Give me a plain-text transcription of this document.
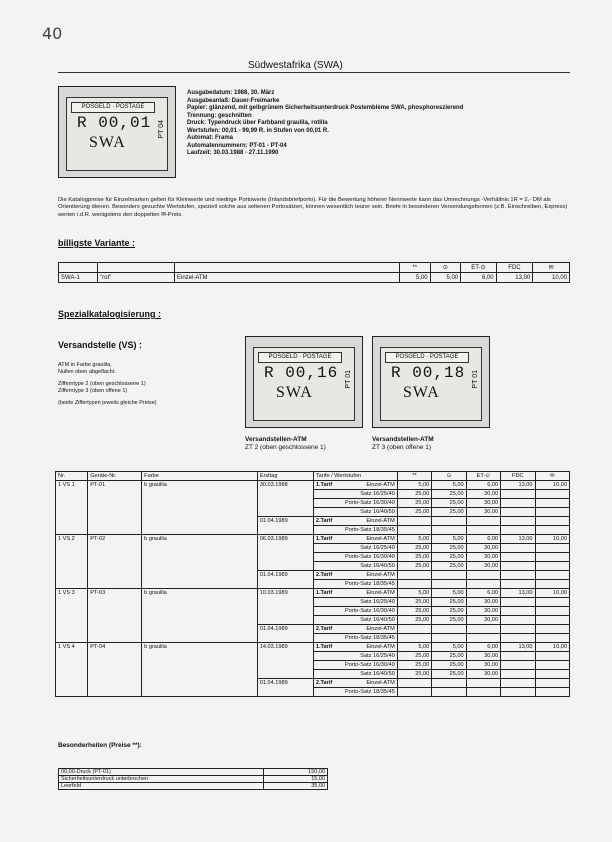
40
Südwestafrika (SWA)
POSGELD · POSTAGE
R 00,01
SWA
PT 04
Ausgabedatum: 1988, 30. März
Ausgabeanlaß: Dauer-Freimarke
Papier: glänzend, mit gelbgrünem Sicherheitsunterdruck Postemblème SWA, phosphoreszierend
Trennung: geschnitten
Druck: Typendruck über Farbband graulila, rotlila
Wertstufen: 00,01 - 99,99 R. in Stufen von 00,01 R.
Automat: Frama
Automatennummern: PT-01 - PT-04
Laufzeit: 30.03.1988 - 27.11.1990
Die Katalogpreise für Einzelmarken gelten für Kleinwerte und niedrige Portowerte (Inlandsbriefporto). Für die Bewertung höherer Nennwerte kann das Umrechnungs -Verhältnis 1R = 2,- DM als Orientierung dienen. Besonders gesuchte Wertstufen, speziell solche aus seltenen Portosätzen, können wesentlich teurer sein. Briefe in besonderen Versendungsformen (z.B. Einschreiben, Express) werten i.d.R. wenigstens den doppelten ✉-Preis.
billigste Variante :
			**	⊙	ET-⊙	FDC	✉
SWA-1	"rot"	Einzel-ATM	5,00	5,00	6,00	13,00	10,00
Spezialkatalogisierung :
Versandstelle (VS) :
ATM in Farbe graulila,
Nullen oben abgeflacht.
Zifferntype 2 (oben geschlossene 1)
Zifferntype 3 (oben offene 1)
(beide Ziffertypen jeweils gleiche Preise)
POSGELD · POSTAGE
R 00,16
SWA
PT 01
Versandstellen-ATM
ZT 2 (oben geschlossene 1)
POSGELD · POSTAGE
R 00,18
SWA
PT 01
Versandstellen-ATM
ZT 3 (oben offene 1)
Nr.	Geräte-Nr.	Farbe	Ersttag	Tarife / Wertstufen	**	⊙	ET-⊙	FDC	✉
1 VS 1	PT-01	b graulila	30.03.1988	1.Tarif Einzel-ATM	5,00	5,00	6,00	13,00	10,00

				Satz 16/25/40	25,00	25,00	30,00		

				Porto-Satz 16/30/40	25,00	25,00	30,00		

				Satz 16/40/50	25,00	25,00	30,00		
			01.04.1989	2.Tarif Einzel-ATM					

				Porto-Satz 18/35/45					

1 VS 2	PT-02	b graulila	06.03.1989	1.Tarif Einzel-ATM	5,00	5,00	6,00	13,00	10,00

				Satz 16/25/40	25,00	25,00	30,00		

				Porto-Satz 16/30/40	25,00	25,00	30,00		

				Satz 16/40/50	25,00	25,00	30,00		
			01.04.1989	2.Tarif Einzel-ATM					

				Porto-Satz 18/35/45					

1 VS 3	PT-03	b graulila	10.03.1989	1.Tarif Einzel-ATM	5,00	5,00	6,00	13,00	10,00

				Satz 16/25/40	25,00	25,00	30,00		

				Porto-Satz 16/30/40	25,00	25,00	30,00		

				Satz 16/40/50	25,00	25,00	30,00		
			01.04.1989	2.Tarif Einzel-ATM					

				Porto-Satz 18/35/45					

1 VS 4	PT-04	b graulila	14.03.1989	1.Tarif Einzel-ATM	5,00	5,00	6,00	13,00	10,00

				Satz 16/25/40	25,00	25,00	30,00		

				Porto-Satz 16/30/40	25,00	25,00	30,00		

				Satz 16/40/50	25,00	25,00	30,00		
			01.04.1989	2.Tarif Einzel-ATM					

				Porto-Satz 18/35/45					

Besonderheiten (Preise **):
00,00-Druck (PT-01)	150,00
Sicherheitsunterdruck unterbrochen	15,00
Leerfeld	35,00
